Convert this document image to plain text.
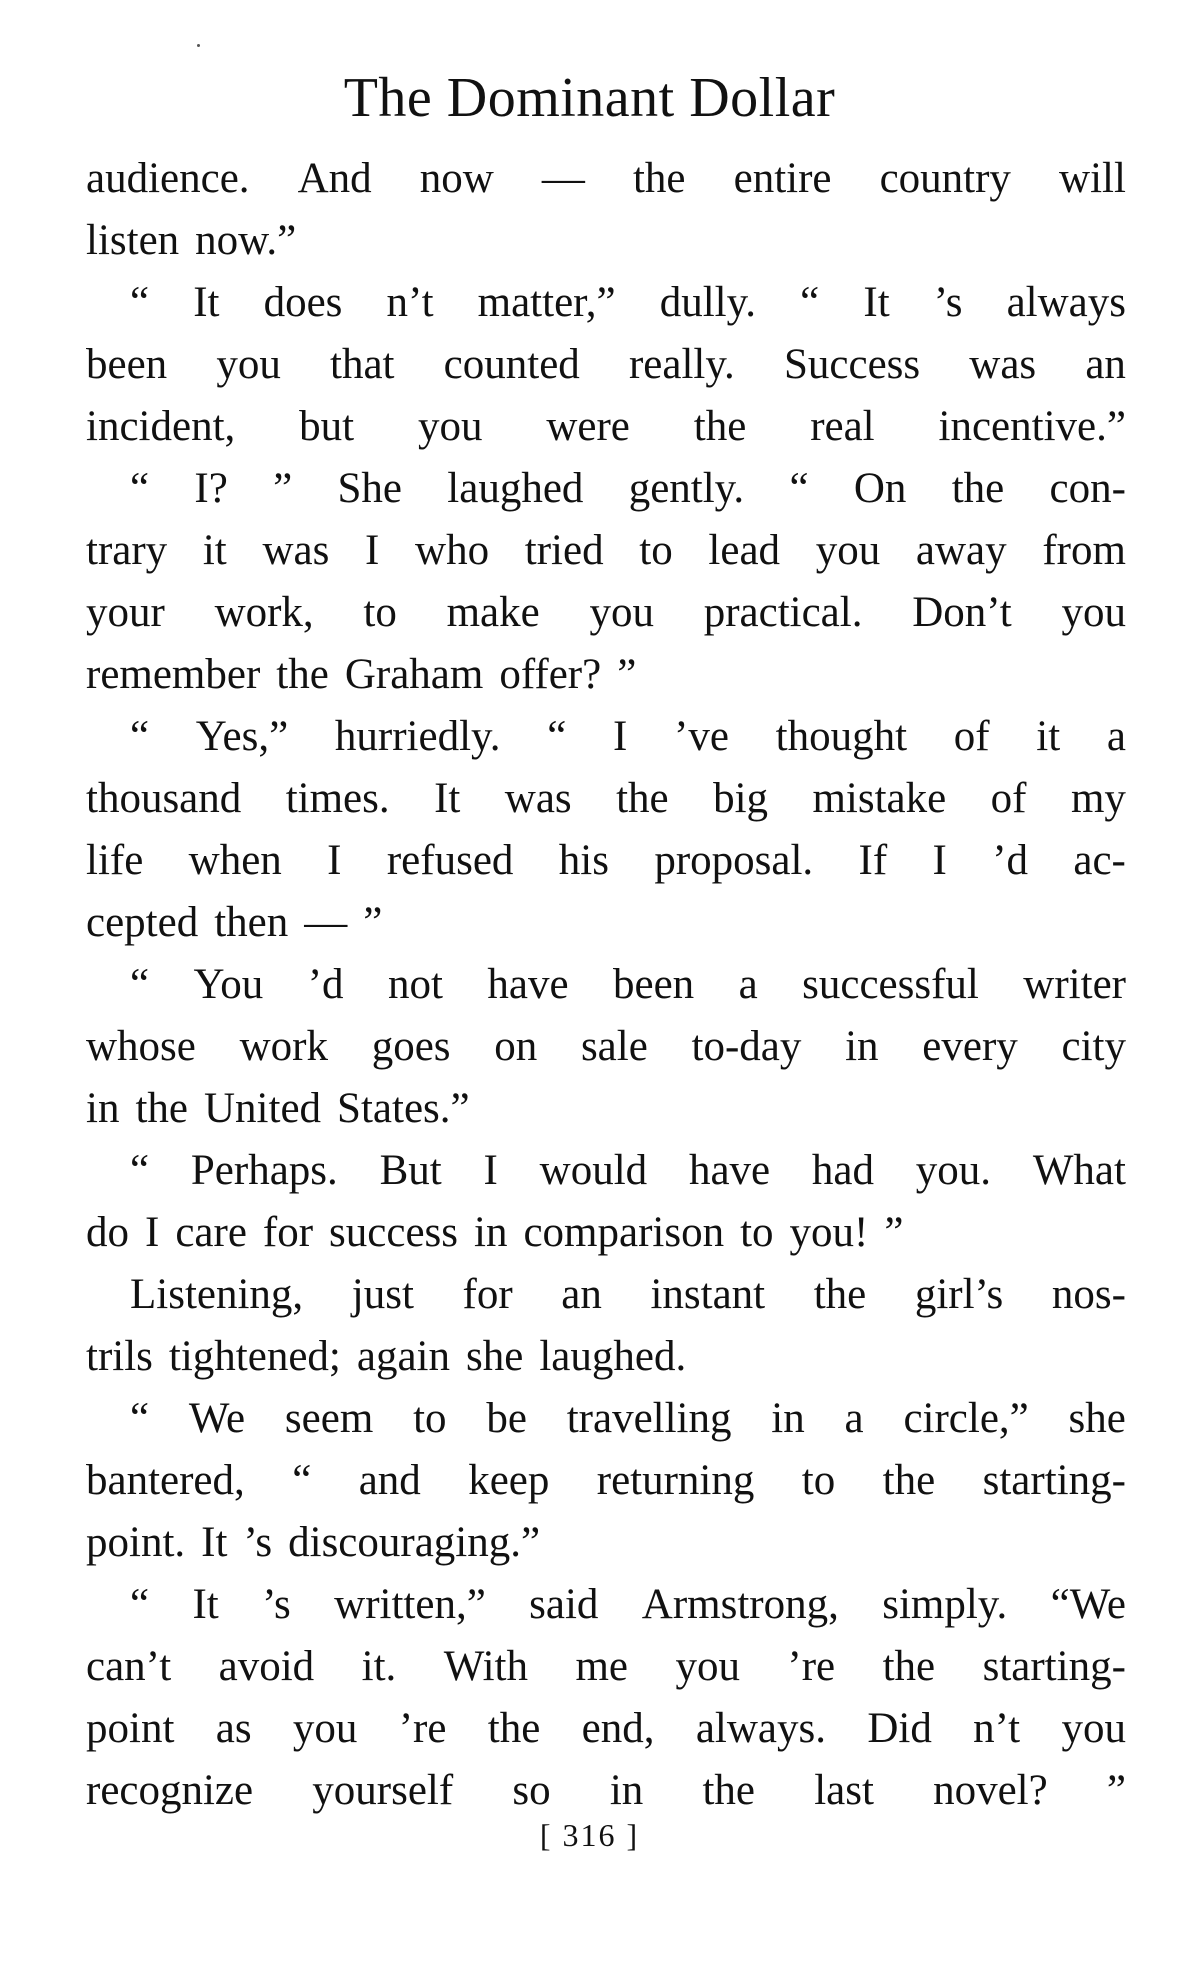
The Dominant Dollar
audience. And now — the entire country will
listen now.”
“ It does n’t matter,” dully. “ It ’s always
been you that counted really. Success was an
incident, but you were the real incentive.”
“ I? ” She laughed gently. “ On the con-
trary it was I who tried to lead you away from
your work, to make you practical. Don’t you
remember the Graham offer? ”
“ Yes,” hurriedly. “ I ’ve thought of it a
thousand times. It was the big mistake of my
life when I refused his proposal. If I ’d ac-
cepted then — ”
“ You ’d not have been a successful writer
whose work goes on sale to-day in every city
in the United States.”
“ Perhaps. But I would have had you. What
do I care for success in comparison to you! ”
Listening, just for an instant the girl’s nos-
trils tightened; again she laughed.
“ We seem to be travelling in a circle,” she
bantered, “ and keep returning to the starting-
point. It ’s discouraging.”
“ It ’s written,” said Armstrong, simply. “We
can’t avoid it. With me you ’re the starting-
point as you ’re the end, always. Did n’t you
recognize yourself so in the last novel? ”
[ 316 ]
